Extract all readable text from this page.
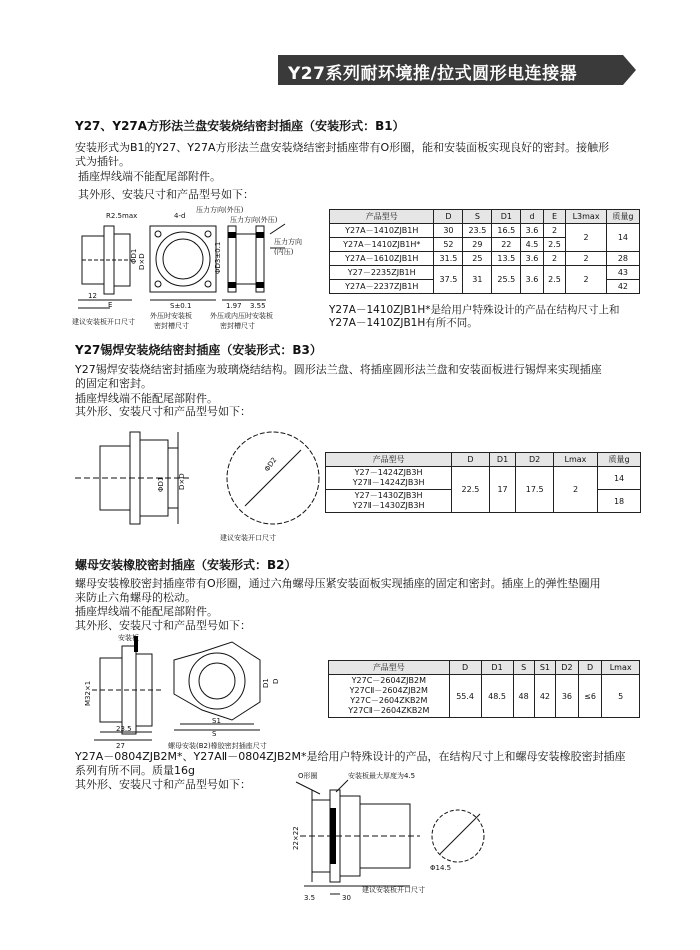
Y27系列耐环境推/拉式圆形电连接器
Y27、Y27A方形法兰盘安装烧结密封插座（安装形式：B1）
安装形式为B1的Y27、Y27A方形法兰盘安装烧结密封插座带有O形圈，能和安装面板实现良好的密封。接触形
式为插针。
插座焊线端不能配尾部附件。
其外形、安装尺寸和产品型号如下：
R2.5max	4-d
压力方向(外压)
压力方向(外压)
压力方向
(内压)
ΦD1 D×D	ΦD3±0.1
12
E	S±0.1	1.97 3.55
建议安装板开口尺寸
外压时安装板
密封槽尺寸
外压或内压时安装板
密封槽尺寸
产品型号	D	S	D1	d	E	L3max	质量g
Y27A－1410ZJB1H	30	23.5	16.5	3.6	2	2	14
Y27A－1410ZJB1H*	52	29	22	4.5	2.5		
Y27A－1610ZJB1H	31.5	25	13.5	3.6	2	2	28
Y27－2235ZJB1H	37.5	31	25.5	3.6	2.5	2	43
Y27A－2237ZJB1H							42
Y27A－1410ZJB1H*是给用户特殊设计的产品在结构尺寸上和
Y27A－1410ZJB1H有所不同。
Y27锡焊安装烧结密封插座（安装形式：B3）
Y27锡焊安装烧结密封插座为玻璃烧结结构。圆形法兰盘、将插座圆形法兰盘和安装面板进行锡焊来实现插座
的固定和密封。
插座焊线端不能配尾部附件。
其外形、安装尺寸和产品型号如下：
ΦD1 D×D
ΦD2
建议安装开口尺寸
产品型号	D	D1	D2	Lmax	质量g
Y27－1424ZJB3H
Y27Ⅱ－1424ZJB3H	22.5	17	17.5	2	14
Y27－1430ZJB3H
Y27Ⅱ－1430ZJB3H					18
螺母安装橡胶密封插座（安装形式：B2）
螺母安装橡胶密封插座带有O形圈，通过六角螺母压紧安装面板实现插座的固定和密封。插座上的弹性垫圈用
来防止六角螺母的松动。
插座焊线端不能配尾部附件。
其外形、安装尺寸和产品型号如下：
安装板
M32×1
23.5
27
S1
S
D1 D
螺母安装(B2)橡胶密封插座尺寸
产品型号	D	D1	S	S1	D2	D	Lmax
Y27C－2604ZJB2M
Y27CⅡ－2604ZJB2M
Y27C－2604ZKB2M
Y27CⅡ－2604ZKB2M	55.4	48.5	48	42	36	≤6	5
Y27A－0804ZJB2M*、Y27AⅡ－0804ZJB2M*是给用户特殊设计的产品，在结构尺寸上和螺母安装橡胶密封插座
系列有所不同。质量16g
其外形、安装尺寸和产品型号如下：
O形圈	安装板最大厚度为4.5
22×22
Φ14.5
3.5	30
建议安装板开口尺寸
